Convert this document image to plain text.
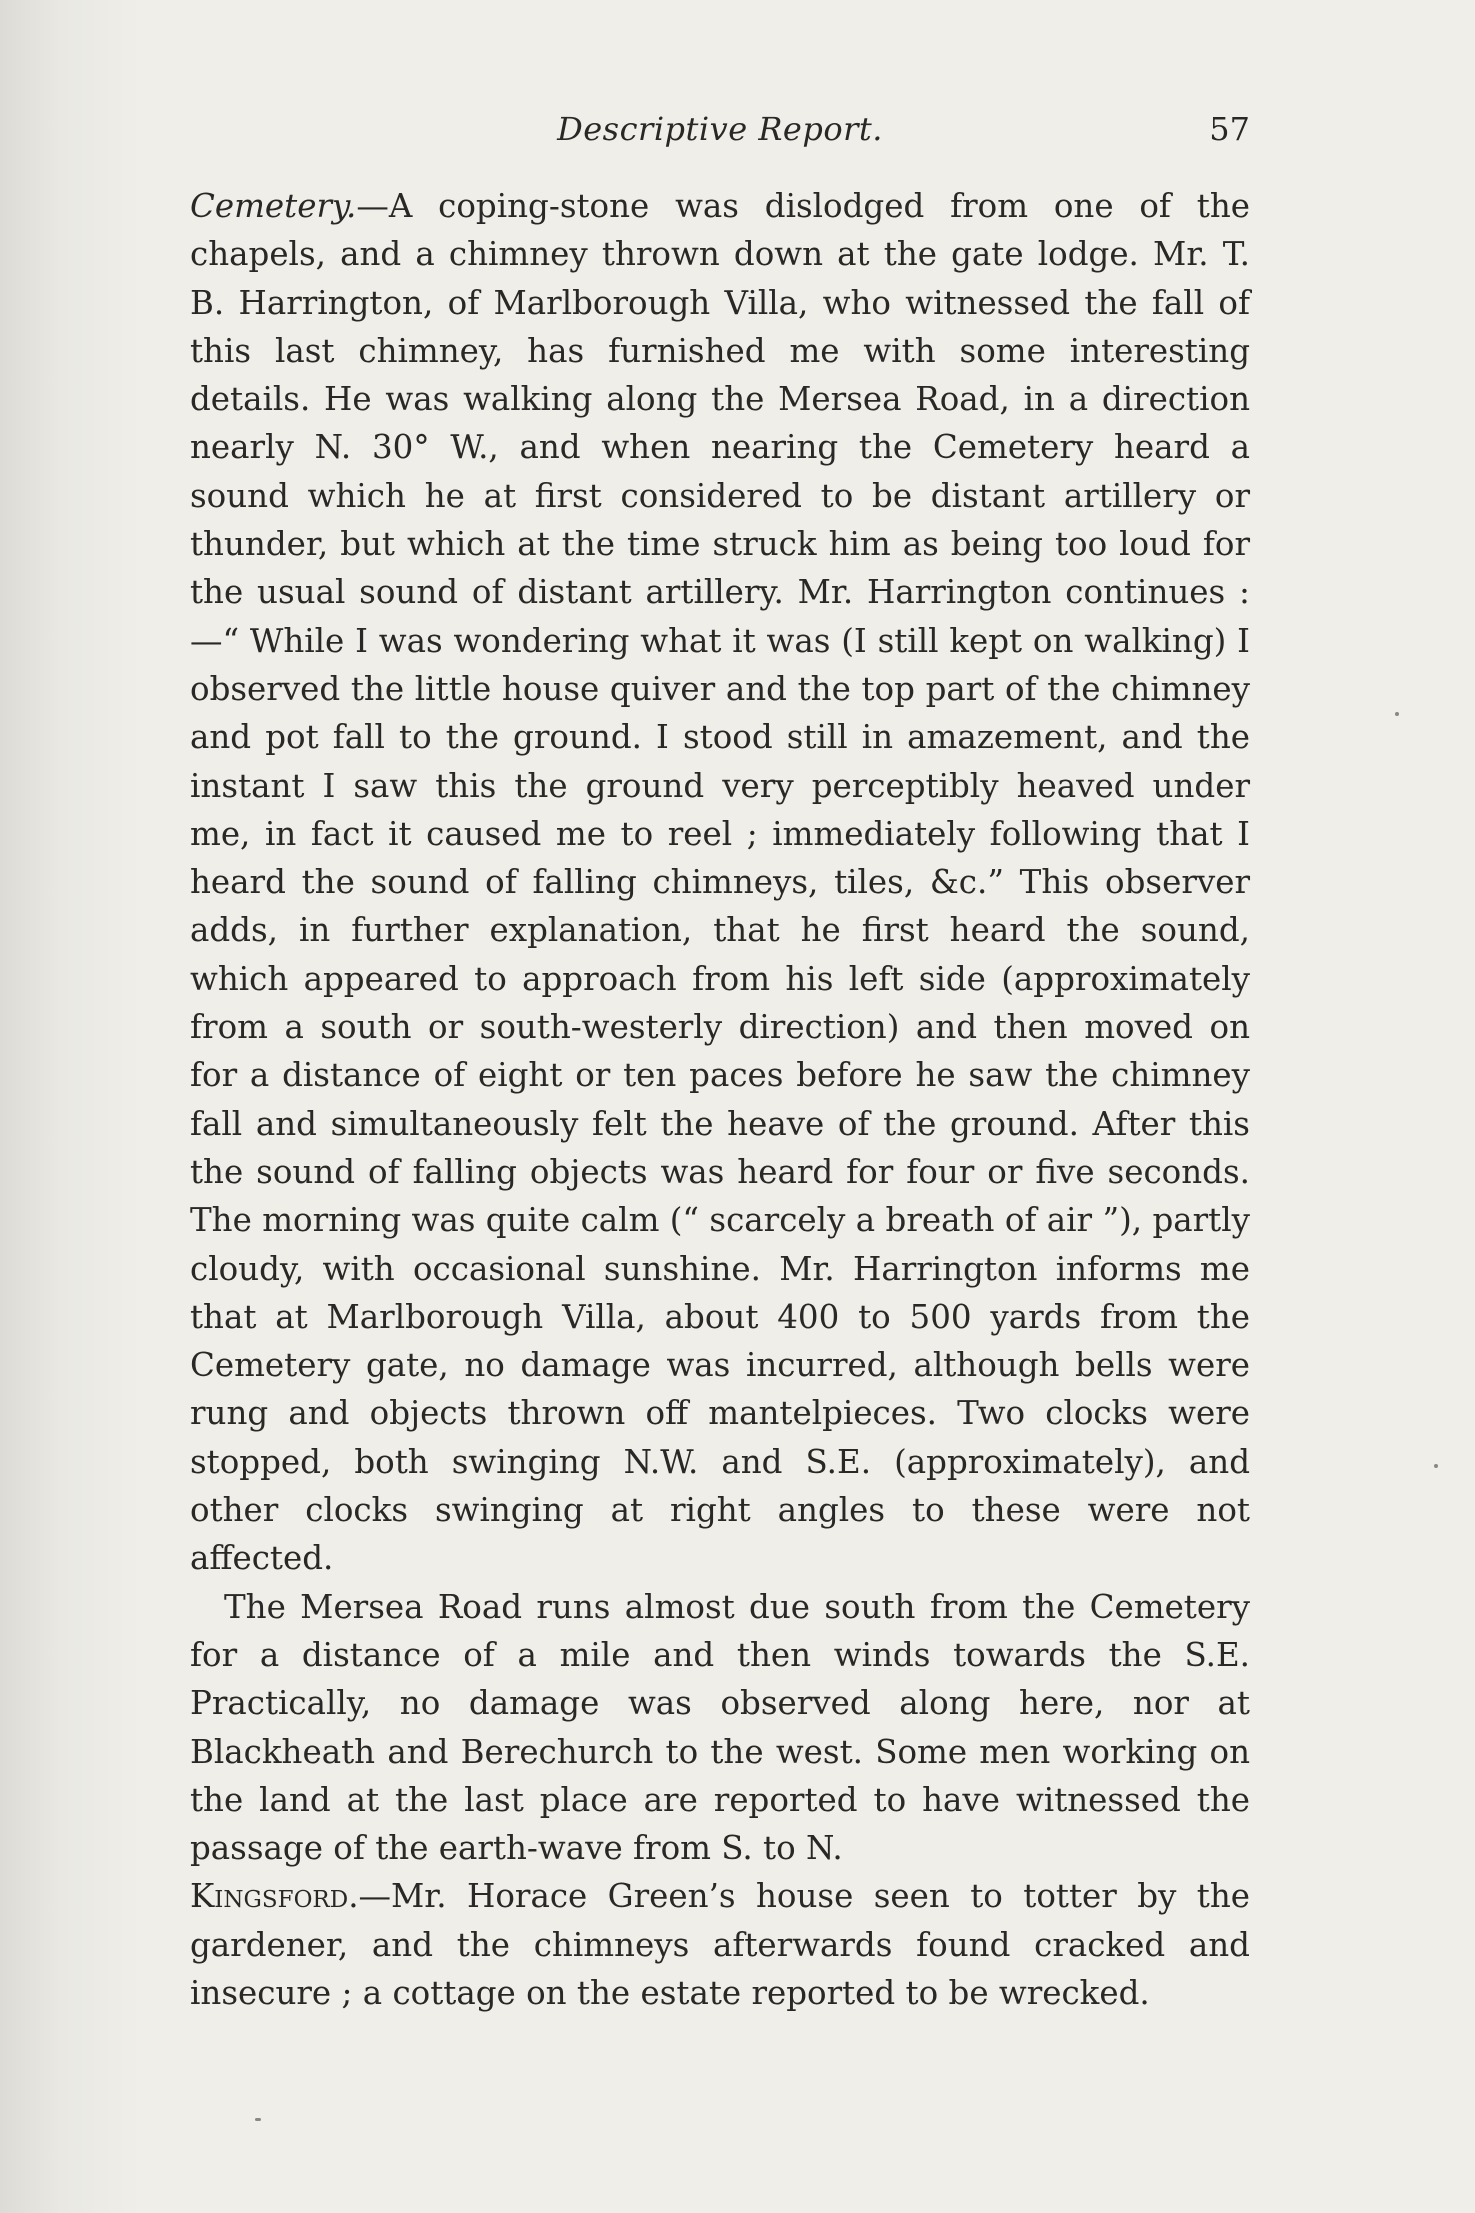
Descriptive Report.	57

Cemetery.—A coping-stone was dislodged from one of the chapels, and a chimney thrown down at the gate lodge. Mr. T. B. Harrington, of Marlborough Villa, who witnessed the fall of this last chimney, has furnished me with some interesting details. He was walking along the Mersea Road, in a direction nearly N. 30° W., and when nearing the Cemetery heard a sound which he at first considered to be distant artillery or thunder, but which at the time struck him as being too loud for the usual sound of distant artillery. Mr. Harrington continues :—“ While I was wondering what it was (I still kept on walking) I observed the little house quiver and the top part of the chimney and pot fall to the ground. I stood still in amazement, and the instant I saw this the ground very perceptibly heaved under me, in fact it caused me to reel ; immediately following that I heard the sound of falling chimneys, tiles, &c.” This observer adds, in further explanation, that he first heard the sound, which appeared to approach from his left side (approximately from a south or south-westerly direction) and then moved on for a distance of eight or ten paces before he saw the chimney fall and simultaneously felt the heave of the ground. After this the sound of falling objects was heard for four or five seconds. The morning was quite calm (“ scarcely a breath of air ”), partly cloudy, with occasional sunshine. Mr. Harrington informs me that at Marlborough Villa, about 400 to 500 yards from the Cemetery gate, no damage was incurred, although bells were rung and objects thrown off mantelpieces. Two clocks were stopped, both swinging N.W. and S.E. (approximately), and other clocks swinging at right angles to these were not affected.

The Mersea Road runs almost due south from the Cemetery for a distance of a mile and then winds towards the S.E. Practically, no damage was observed along here, nor at Blackheath and Berechurch to the west. Some men working on the land at the last place are reported to have witnessed the passage of the earth-wave from S. to N.

Kingsford.—Mr. Horace Green’s house seen to totter by the gardener, and the chimneys afterwards found cracked and insecure ; a cottage on the estate reported to be wrecked.
